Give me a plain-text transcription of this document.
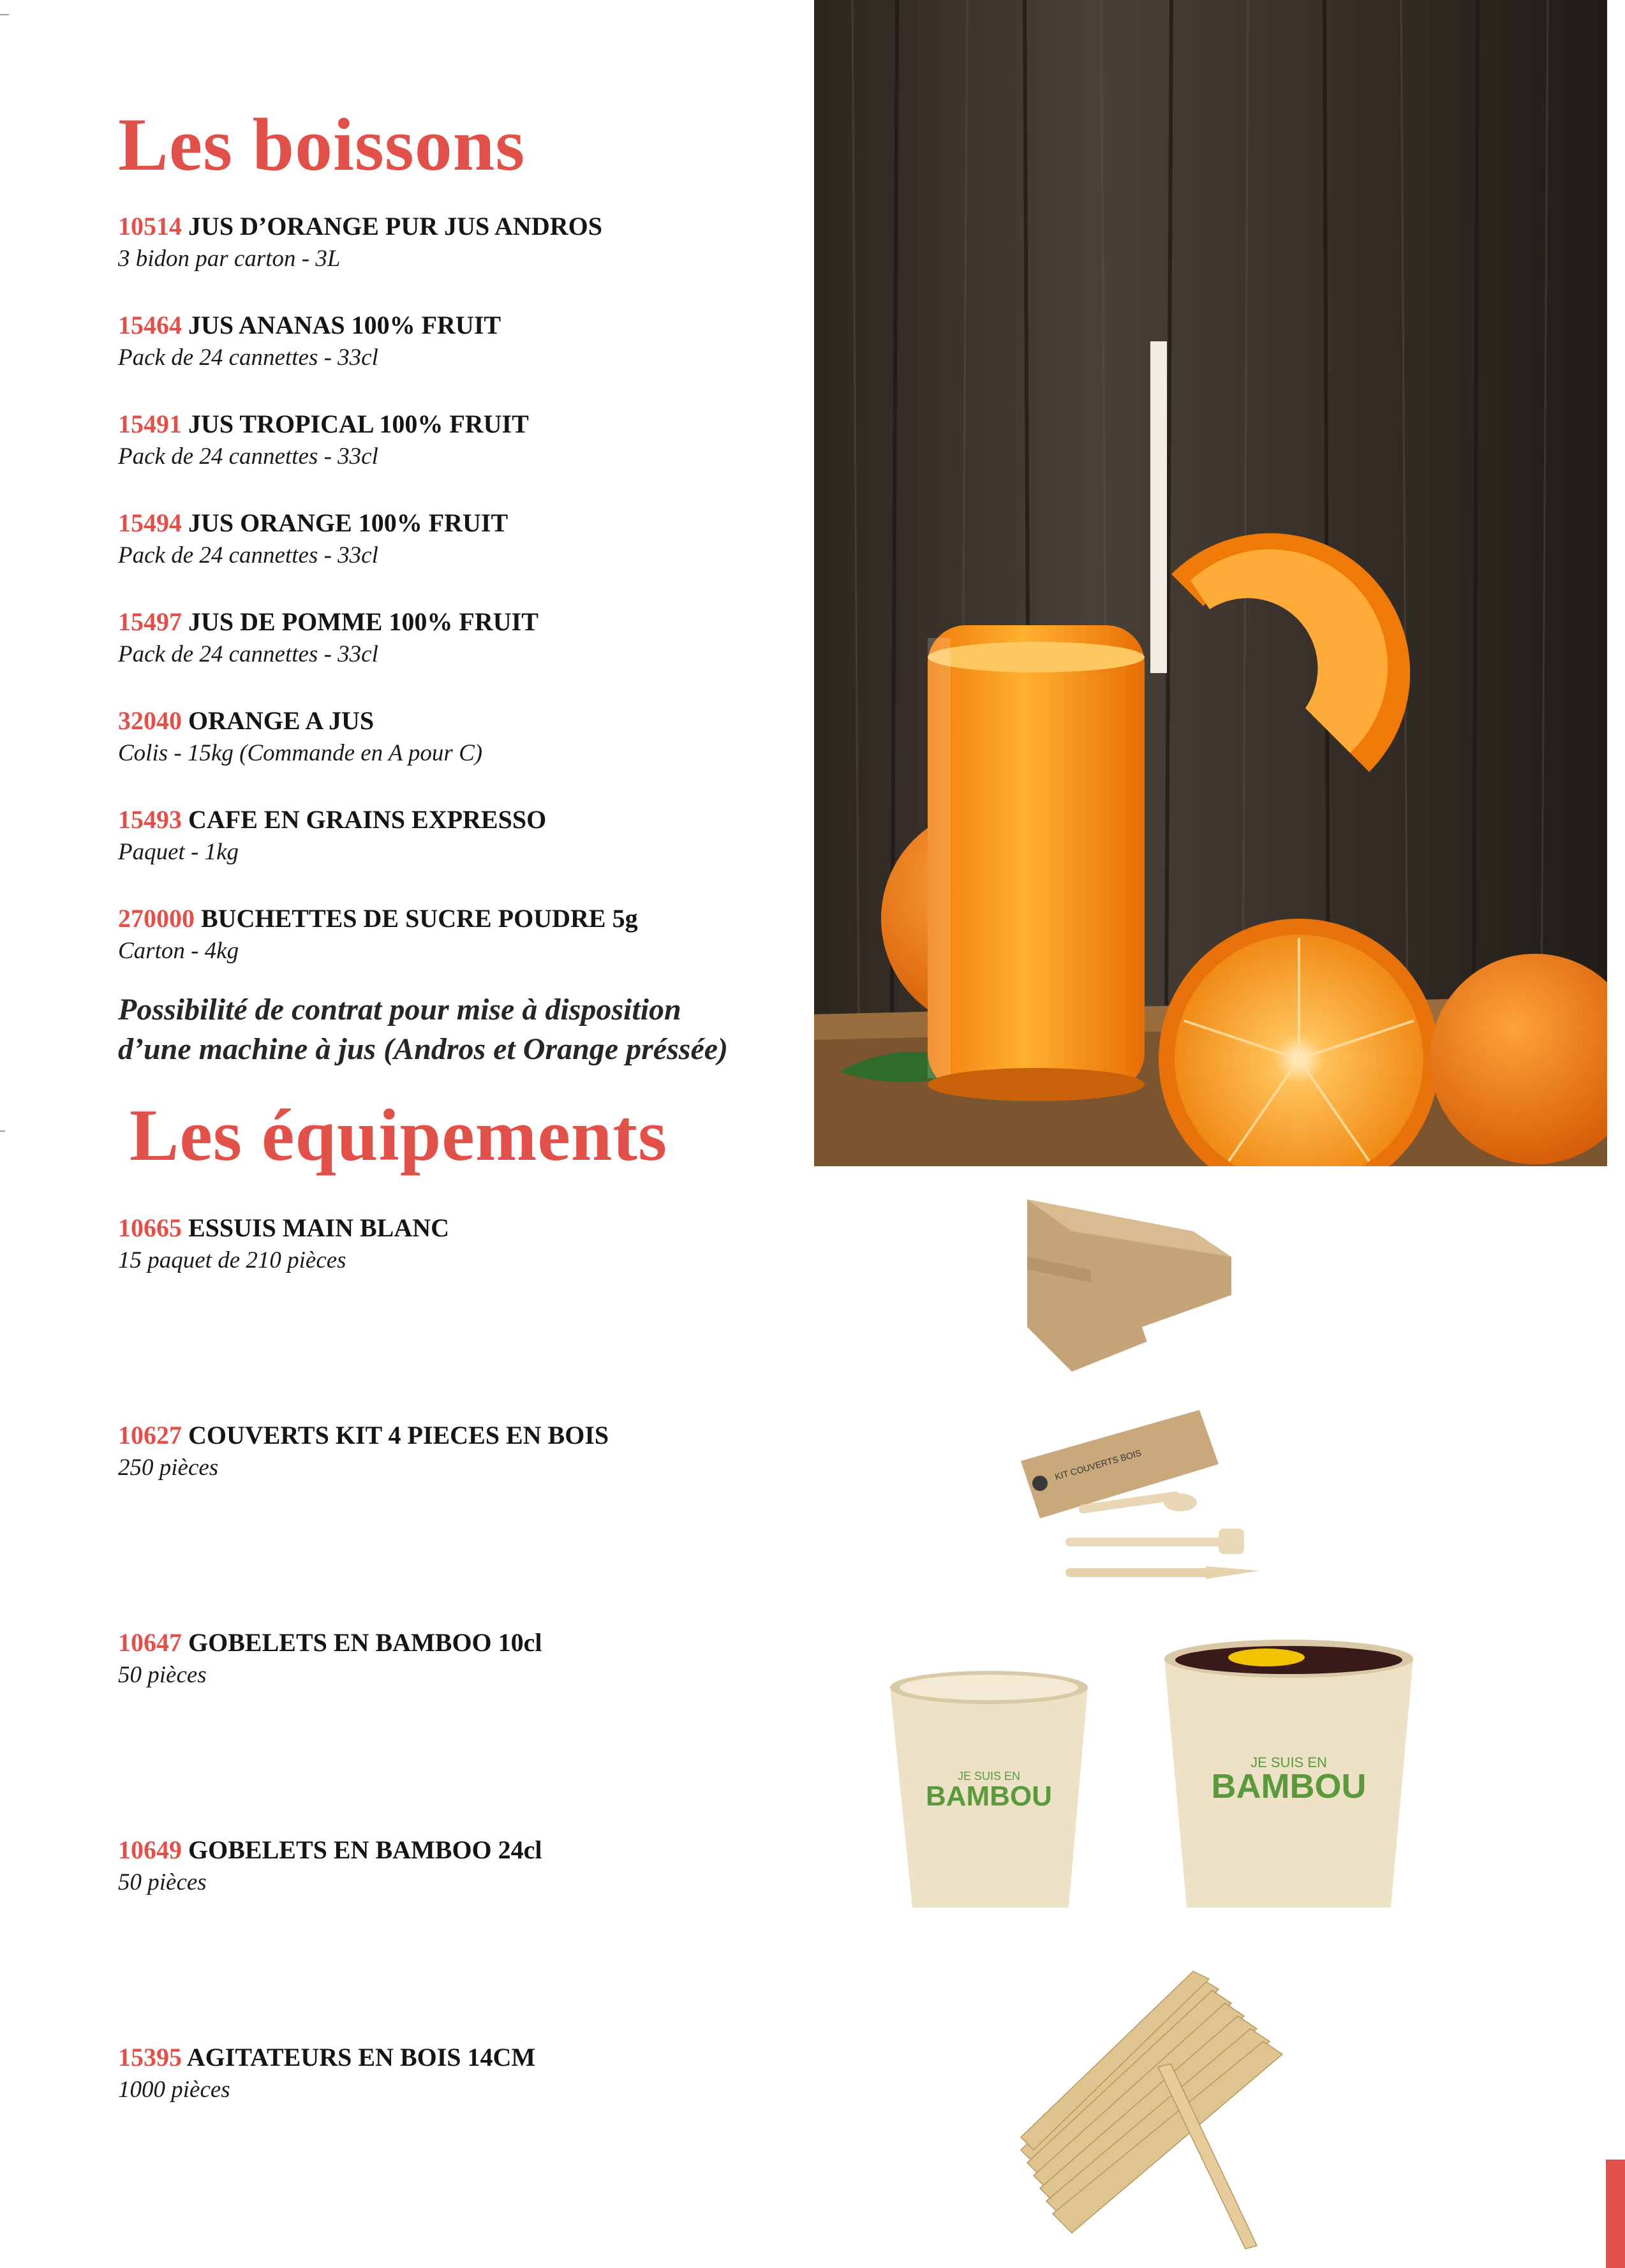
Les boissons
10514 JUS D’ORANGE PUR JUS ANDROS
3 bidon par carton - 3L
15464 JUS ANANAS 100% FRUIT
Pack de 24 cannettes - 33cl
15491 JUS TROPICAL 100% FRUIT
Pack de 24 cannettes - 33cl
15494 JUS ORANGE 100% FRUIT
Pack de 24 cannettes - 33cl
15497 JUS DE POMME 100% FRUIT
Pack de 24 cannettes - 33cl
32040 ORANGE A JUS
Colis - 15kg (Commande en A pour C)
15493 CAFE EN GRAINS EXPRESSO
Paquet - 1kg
270000 BUCHETTES DE SUCRE POUDRE 5g
Carton - 4kg
Possibilité de contrat pour mise à disposition
d’une machine à jus (Andros et Orange préssée)
Les équipements
10665 ESSUIS MAIN BLANC
15 paquet de 210 pièces
10627 COUVERTS KIT 4 PIECES EN BOIS
250 pièces
10647 GOBELETS EN BAMBOO 10cl
50 pièces
10649 GOBELETS EN BAMBOO 24cl
50 pièces
15395 AGITATEURS EN BOIS 14CM
1000 pièces
KIT COUVERTS BOIS
JE SUIS EN
BAMBOU
JE SUIS EN
BAMBOU
